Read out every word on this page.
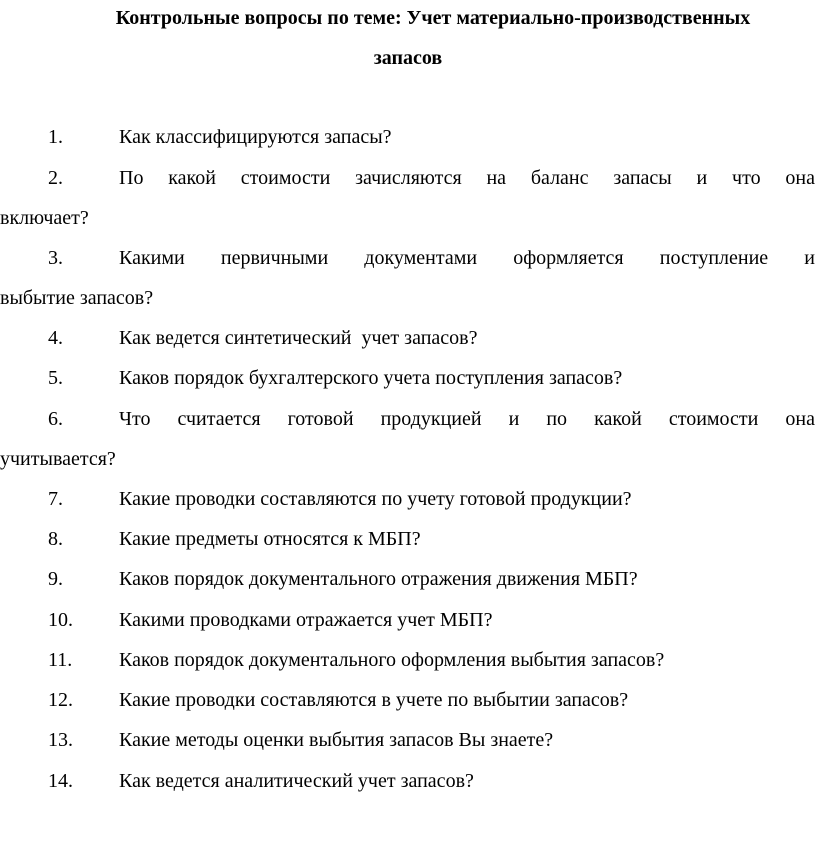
Контрольные вопросы по теме: Учет материально-производственных
запасов
1.	Как классифицируются запасы?
2.	По какой стоимости зачисляются на баланс запасы и что она
включает?
3.	Какими первичными документами оформляется поступление и
выбытие запасов?
4.	Как ведется синтетический  учет запасов?
5.	Каков порядок бухгалтерского учета поступления запасов?
6.	Что считается готовой продукцией и по какой стоимости она
учитывается?
7.	Какие проводки составляются по учету готовой продукции?
8.	Какие предметы относятся к МБП?
9.	Каков порядок документального отражения движения МБП?
10. Какими проводками отражается учет МБП?
11. Каков порядок документального оформления выбытия запасов?
12. Какие проводки составляются в учете по выбытии запасов?
13. Какие методы оценки выбытия запасов Вы знаете?
14. Как ведется аналитический учет запасов?
